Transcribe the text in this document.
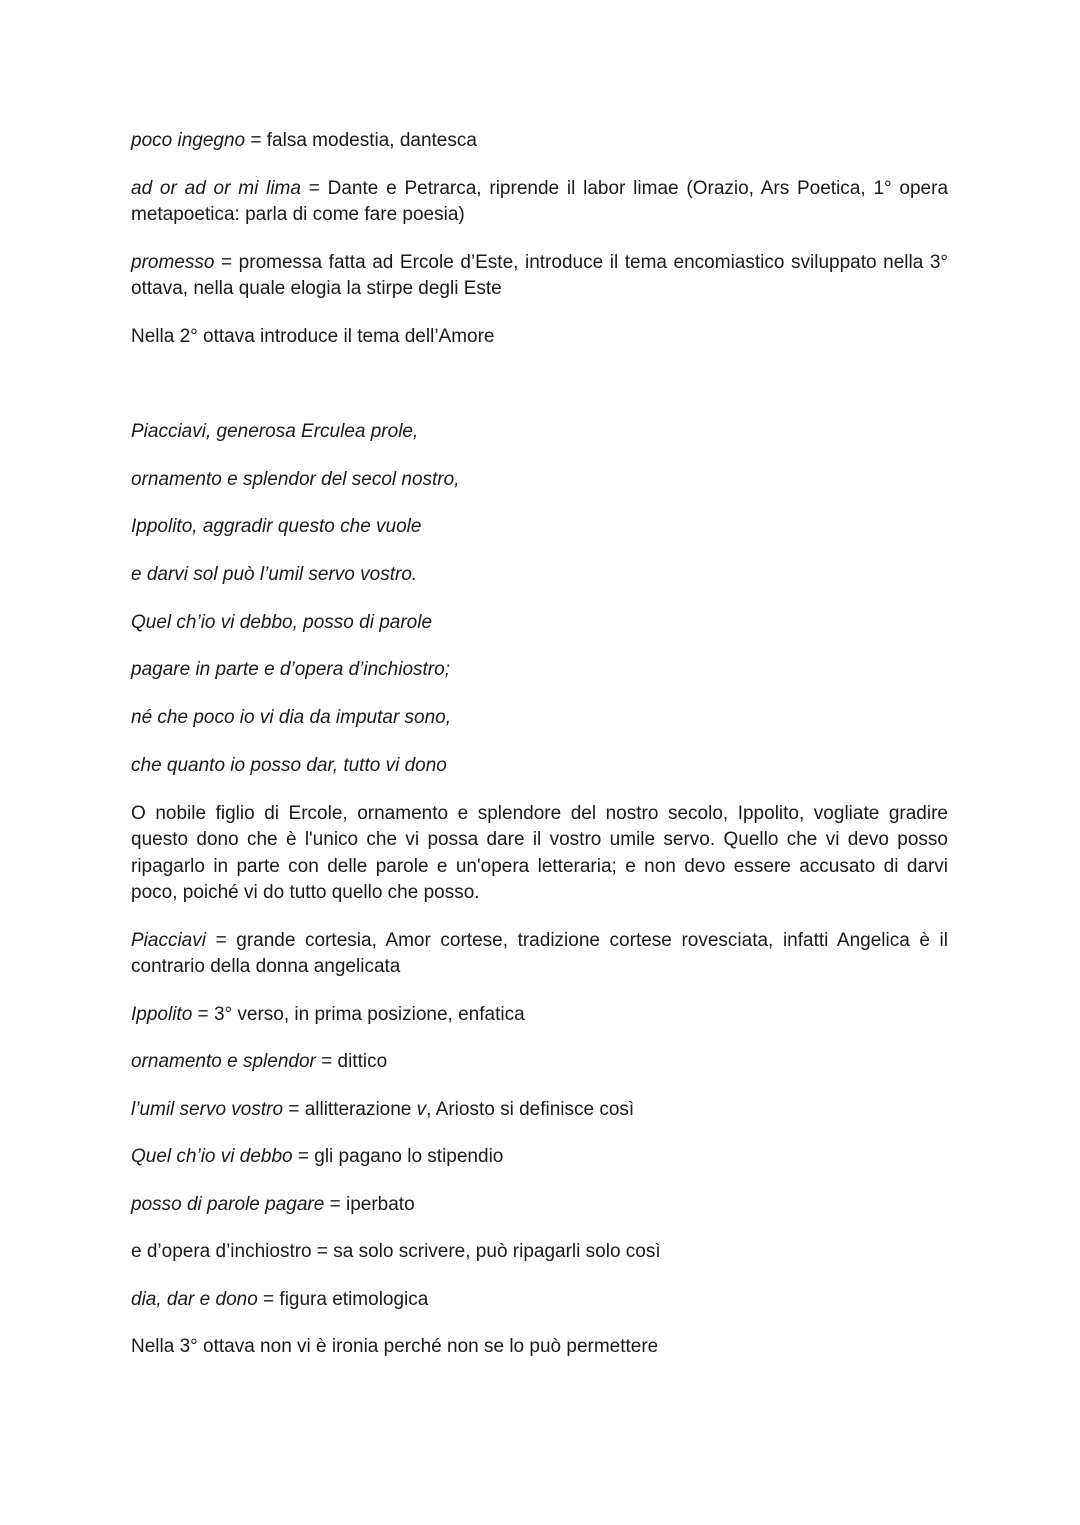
poco ingegno = falsa modestia, dantesca

ad or ad or mi lima = Dante e Petrarca, riprende il labor limae (Orazio, Ars Poetica, 1° opera metapoetica: parla di come fare poesia)

promesso = promessa fatta ad Ercole d’Este, introduce il tema encomiastico sviluppato nella 3° ottava, nella quale elogia la stirpe degli Este

Nella 2° ottava introduce il tema dell’Amore

Piacciavi, generosa Erculea prole,

ornamento e splendor del secol nostro,

Ippolito, aggradir questo che vuole

e darvi sol può l’umil servo vostro.

Quel ch’io vi debbo, posso di parole

pagare in parte e d’opera d’inchiostro;

né che poco io vi dia da imputar sono,

che quanto io posso dar, tutto vi dono

O nobile figlio di Ercole, ornamento e splendore del nostro secolo, Ippolito, vogliate gradire questo dono che è l'unico che vi possa dare il vostro umile servo. Quello che vi devo posso ripagarlo in parte con delle parole e un'opera letteraria; e non devo essere accusato di darvi poco, poiché vi do tutto quello che posso.

Piacciavi = grande cortesia, Amor cortese, tradizione cortese rovesciata, infatti Angelica è il contrario della donna angelicata

Ippolito = 3° verso, in prima posizione, enfatica

ornamento e splendor = dittico

l’umil servo vostro = allitterazione v, Ariosto si definisce così

Quel ch’io vi debbo = gli pagano lo stipendio

posso di parole pagare = iperbato

e d’opera d’inchiostro = sa solo scrivere, può ripagarli solo così

dia, dar e dono = figura etimologica

Nella 3° ottava non vi è ironia perché non se lo può permettere
